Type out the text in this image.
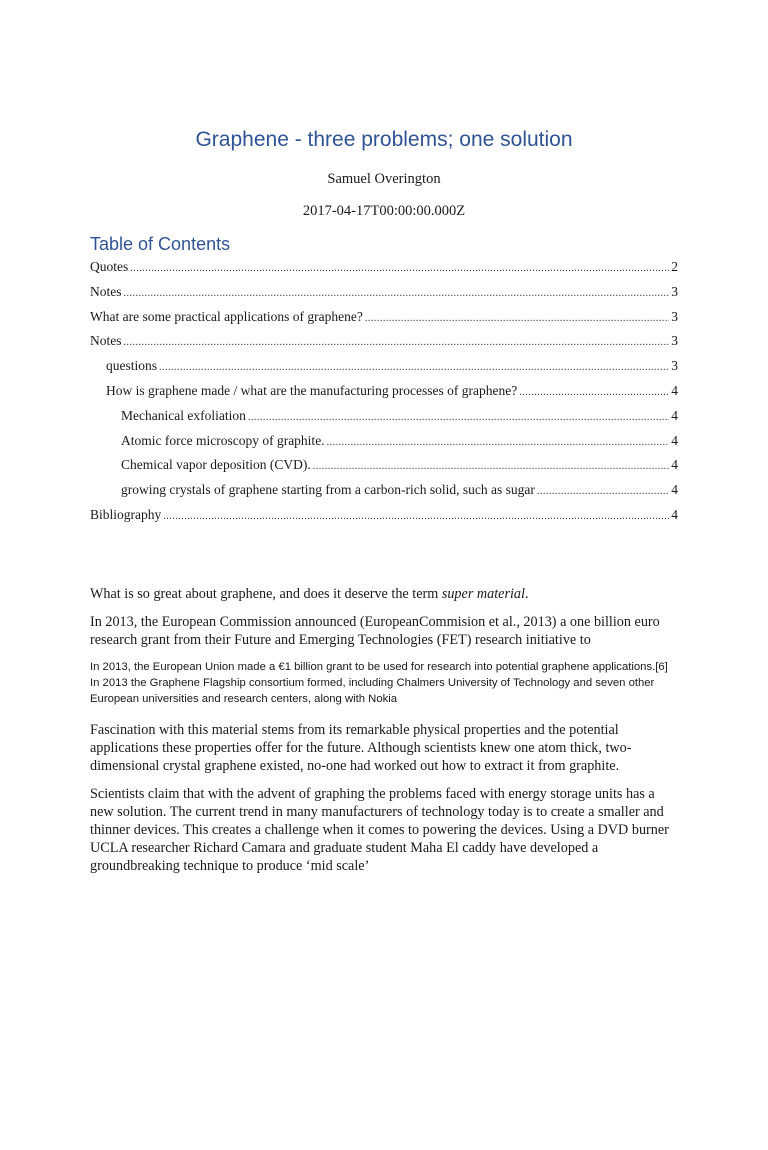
Graphene - three problems; one solution
Samuel Overington
2017-04-17T00:00:00.000Z
Table of Contents
Quotes .....	2
Notes .....	3
What are some practical applications of graphene? .....	3
Notes .....	3
questions .....	3
How is graphene made / what are the manufacturing processes of graphene? .....	4
Mechanical exfoliation .....	4
Atomic force microscopy of graphite. .....	4
Chemical vapor deposition (CVD). .....	4
growing crystals of graphene starting from a carbon-rich solid, such as sugar .....	4
Bibliography .....	4

What is so great about graphene, and does it deserve the term super material.

In 2013, the European Commission announced (EuropeanCommision et al., 2013) a one billion euro research grant from their Future and Emerging Technologies (FET) research initiative to

In 2013, the European Union made a €1 billion grant to be used for research into potential graphene applications.[6] In 2013 the Graphene Flagship consortium formed, including Chalmers University of Technology and seven other European universities and research centers, along with Nokia

Fascination with this material stems from its remarkable physical properties and the potential applications these properties offer for the future. Although scientists knew one atom thick, two-dimensional crystal graphene existed, no-one had worked out how to extract it from graphite.

Scientists claim that with the advent of graphing the problems faced with energy storage units has a new solution. The current trend in many manufacturers of technology today is to create a smaller and thinner devices. This creates a challenge when it comes to powering the devices. Using a DVD burner UCLA researcher Richard Camara and graduate student Maha El caddy have developed a groundbreaking technique to produce ‘mid scale’
